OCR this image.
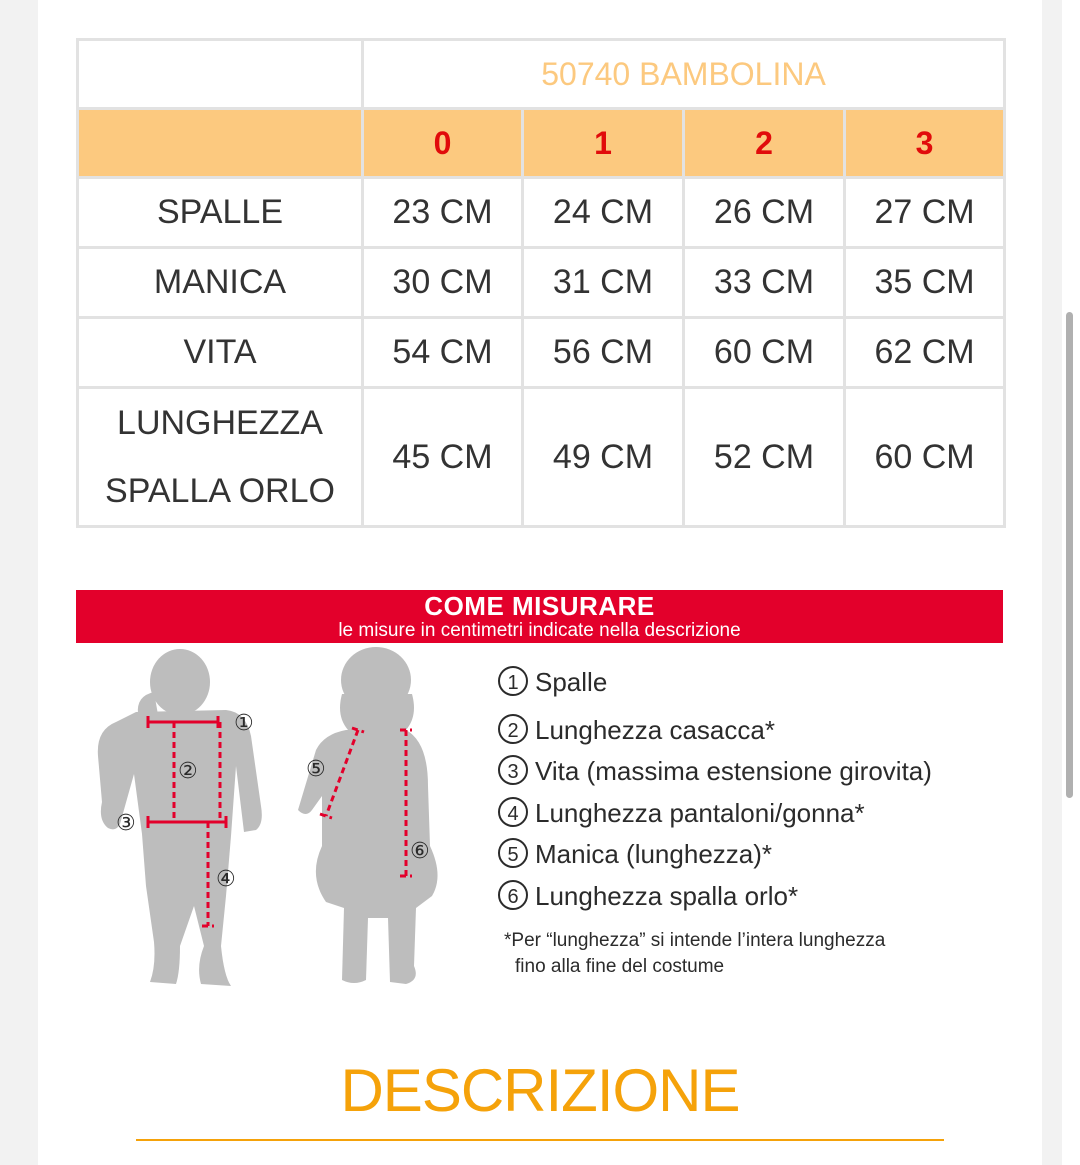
	50740 BAMBOLINA			
	0	1	2	3
SPALLE	23 CM	24 CM	26 CM	27 CM
MANICA	30 CM	31 CM	33 CM	35 CM
VITA	54 CM	56 CM	60 CM	62 CM

LUNGHEZZA
SPALLA ORLO	45 CM	49 CM	52 CM	60 CM
COME MISURARE
le misure in centimetri indicate nella descrizione
①
②
③
④
⑤
⑥
1 Spalle
2 Lunghezza casacca*
3 Vita (massima estensione girovita)
4 Lunghezza pantaloni/gonna*
5 Manica (lunghezza)*
6 Lunghezza spalla orlo*
*Per “lunghezza” si intende l’intera lunghezza
fino alla fine del costume
DESCRIZIONE
